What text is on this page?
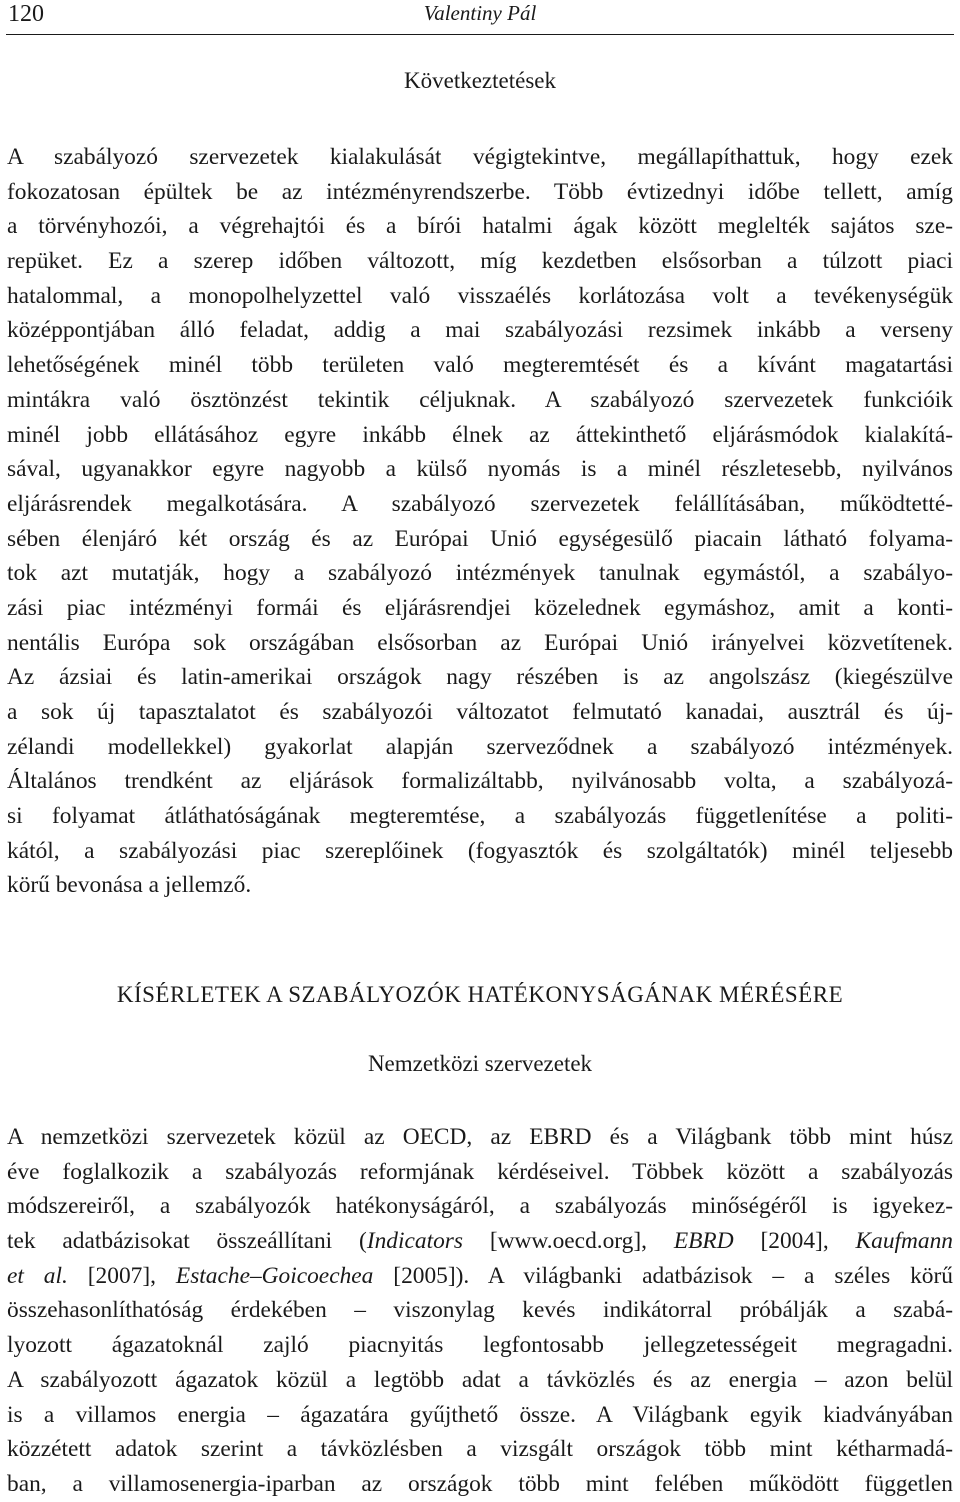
120	Valentiny Pál
Következtetések
A szabályozó szervezetek kialakulását végigtekintve, megállapíthattuk, hogy ezek
fokozatosan épültek be az intézményrendszerbe. Több évtizednyi időbe tellett, amíg
a törvényhozói, a végrehajtói és a bírói hatalmi ágak között meglelték sajátos sze-
repüket. Ez a szerep időben változott, míg kezdetben elsősorban a túlzott piaci
hatalommal, a monopolhelyzettel való visszaélés korlátozása volt a tevékenységük
középpontjában álló feladat, addig a mai szabályozási rezsimek inkább a verseny
lehetőségének minél több területen való megteremtését és a kívánt magatartási
mintákra való ösztönzést tekintik céljuknak. A szabályozó szervezetek funkcióik
minél jobb ellátásához egyre inkább élnek az áttekinthető eljárásmódok kialakítá-
sával, ugyanakkor egyre nagyobb a külső nyomás is a minél részletesebb, nyilvános
eljárásrendek megalkotására. A szabályozó szervezetek felállításában, működtetté-
sében élenjáró két ország és az Európai Unió egységesülő piacain látható folyama-
tok azt mutatják, hogy a szabályozó intézmények tanulnak egymástól, a szabályo-
zási piac intézményi formái és eljárásrendjei közelednek egymáshoz, amit a konti-
nentális Európa sok országában elsősorban az Európai Unió irányelvei közvetítenek.
Az ázsiai és latin-amerikai országok nagy részében is az angolszász (kiegészülve
a sok új tapasztalatot és szabályozói változatot felmutató kanadai, ausztrál és új-
zélandi modellekkel) gyakorlat alapján szerveződnek a szabályozó intézmények.
Általános trendként az eljárások formalizáltabb, nyilvánosabb volta, a szabályozá-
si folyamat átláthatóságának megteremtése, a szabályozás függetlenítése a politi-
kától, a szabályozási piac szereplőinek (fogyasztók és szolgáltatók) minél teljesebb
körű bevonása a jellemző.
KÍSÉRLETEK A SZABÁLYOZÓK HATÉKONYSÁGÁNAK MÉRÉSÉRE
Nemzetközi szervezetek
A nemzetközi szervezetek közül az OECD, az EBRD és a Világbank több mint húsz
éve foglalkozik a szabályozás reformjának kérdéseivel. Többek között a szabályozás
módszereiről, a szabályozók hatékonyságáról, a szabályozás minőségéről is igyekez-
tek adatbázisokat összeállítani (Indicators [www.oecd.org], EBRD [2004], Kaufmann
et al. [2007], Estache–Goicoechea [2005]). A világbanki adatbázisok – a széles körű
összehasonlíthatóság érdekében – viszonylag kevés indikátorral próbálják a szabá-
lyozott ágazatoknál zajló piacnyitás legfontosabb jellegzetességeit megragadni.
A szabályozott ágazatok közül a legtöbb adat a távközlés és az energia – azon belül
is a villamos energia – ágazatára gyűjthető össze. A Világbank egyik kiadványában
közzétett adatok szerint a távközlésben a vizsgált országok több mint kétharmadá-
ban, a villamosenergia-iparban az országok több mint felében működött független
